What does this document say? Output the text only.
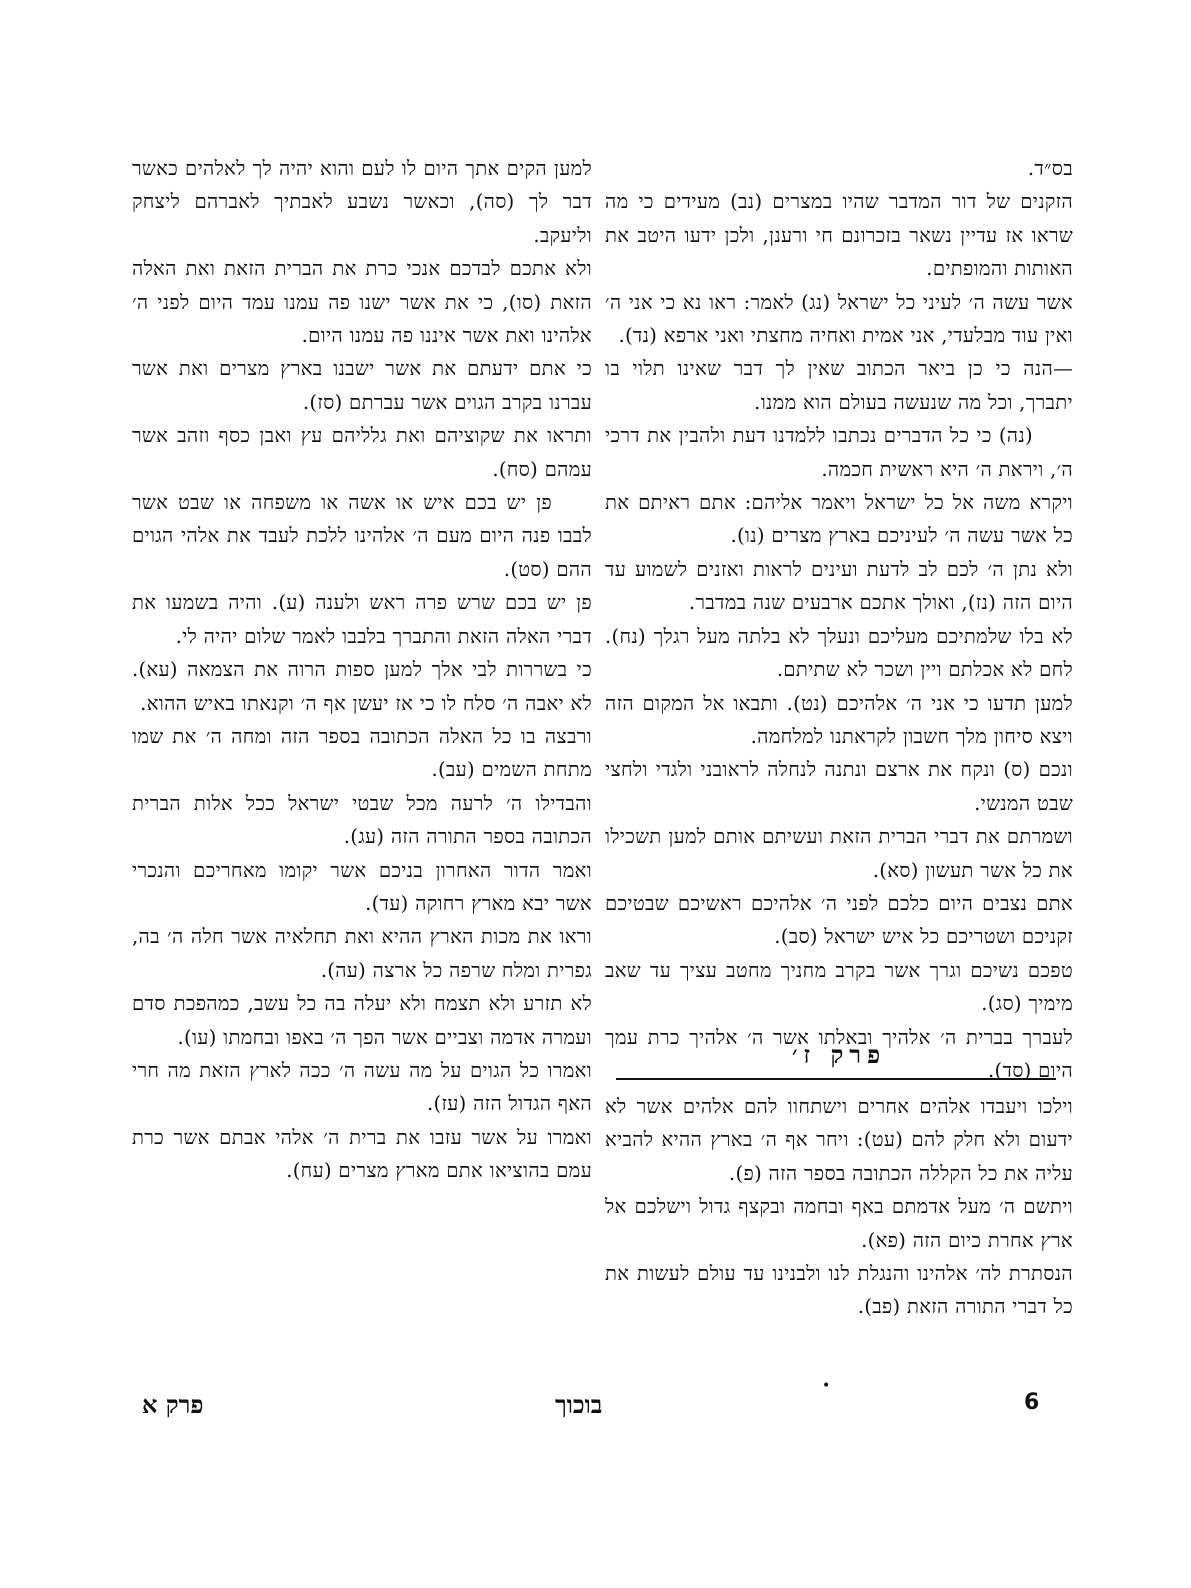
בס״ד.

הזקנים של דור המדבר שהיו במצרים (נב) מעידים כי מה שראו אז עדיין נשאר בזכרונם חי ורענן, ולכן ידעו היטב את האותות והמופתים.

אשר עשה ה׳ לעיני כל ישראל (נג) לאמר: ראו נא כי אני ה׳ ואין עוד מבלעדי, אני אמית ואחיה מחצתי ואני ארפא (נד).

—הנה כי כן ביאר הכתוב שאין לך דבר שאינו תלוי בו יתברך, וכל מה שנעשה בעולם הוא ממנו.

(נה) כי כל הדברים נכתבו ללמדנו דעת ולהבין את דרכי ה׳, ויראת ה׳ היא ראשית חכמה.

ויקרא משה אל כל ישראל ויאמר אליהם: אתם ראיתם את כל אשר עשה ה׳ לעיניכם בארץ מצרים (נו).

ולא נתן ה׳ לכם לב לדעת ועינים לראות ואזנים לשמוע עד היום הזה (נז), ואולך אתכם ארבעים שנה במדבר.

לא בלו שלמתיכם מעליכם ונעלך לא בלתה מעל רגלך (נח). לחם לא אכלתם ויין ושכר לא שתיתם.

למען תדעו כי אני ה׳ אלהיכם (נט). ותבאו אל המקום הזה ויצא סיחון מלך חשבון לקראתנו למלחמה.

ונכם (ס) ונקח את ארצם ונתנה לנחלה לראובני ולגדי ולחצי שבט המנשי.

ושמרתם את דברי הברית הזאת ועשיתם אותם למען תשכילו את כל אשר תעשון (סא).

אתם נצבים היום כלכם לפני ה׳ אלהיכם ראשיכם שבטיכם זקניכם ושטריכם כל איש ישראל (סב).

טפכם נשיכם וגרך אשר בקרב מחניך מחטב עציך עד שאב מימיך (סג).

לעברך בברית ה׳ אלהיך ובאלתו אשר ה׳ אלהיך כרת עמך היום (סד).

פרק ז׳

וילכו ויעבדו אלהים אחרים וישתחוו להם אלהים אשר לא ידעום ולא חלק להם (עט): ויחר אף ה׳ בארץ ההיא להביא עליה את כל הקללה הכתובה בספר הזה (פ).

ויתשם ה׳ מעל אדמתם באף ובחמה ובקצף גדול וישלכם אל ארץ אחרת כיום הזה (פא).

הנסתרת לה׳ אלהינו והנגלת לנו ולבנינו עד עולם לעשות את כל דברי התורה הזאת (פב).

למען הקים אתך היום לו לעם והוא יהיה לך לאלהים כאשר דבר לך (סה), וכאשר נשבע לאבתיך לאברהם ליצחק וליעקב.

ולא אתכם לבדכם אנכי כרת את הברית הזאת ואת האלה הזאת (סו), כי את אשר ישנו פה עמנו עמד היום לפני ה׳ אלהינו ואת אשר איננו פה עמנו היום.

כי אתם ידעתם את אשר ישבנו בארץ מצרים ואת אשר עברנו בקרב הגוים אשר עברתם (סז).

ותראו את שקוציהם ואת גלליהם עץ ואבן כסף וזהב אשר עמהם (סח).

פן יש בכם איש או אשה או משפחה או שבט אשר לבבו פנה היום מעם ה׳ אלהינו ללכת לעבד את אלהי הגוים ההם (סט).

פן יש בכם שרש פרה ראש ולענה (ע). והיה בשמעו את דברי האלה הזאת והתברך בלבבו לאמר שלום יהיה לי.

כי בשררות לבי אלך למען ספות הרוה את הצמאה (עא). לא יאבה ה׳ סלח לו כי אז יעשן אף ה׳ וקנאתו באיש ההוא.

ורבצה בו כל האלה הכתובה בספר הזה ומחה ה׳ את שמו מתחת השמים (עב).

והבדילו ה׳ לרעה מכל שבטי ישראל ככל אלות הברית הכתובה בספר התורה הזה (עג).

ואמר הדור האחרון בניכם אשר יקומו מאחריכם והנכרי אשר יבא מארץ רחוקה (עד).

וראו את מכות הארץ ההיא ואת תחלאיה אשר חלה ה׳ בה, גפרית ומלח שרפה כל ארצה (עה).

לא תזרע ולא תצמח ולא יעלה בה כל עשב, כמהפכת סדם ועמרה אדמה וצביים אשר הפך ה׳ באפו ובחמתו (עו).

ואמרו כל הגוים על מה עשה ה׳ ככה לארץ הזאת מה חרי האף הגדול הזה (עז).

ואמרו על אשר עזבו את ברית ה׳ אלהי אבתם אשר כרת עמם בהוציאו אתם מארץ מצרים (עח).

•
6
בוכוך
פרק א
